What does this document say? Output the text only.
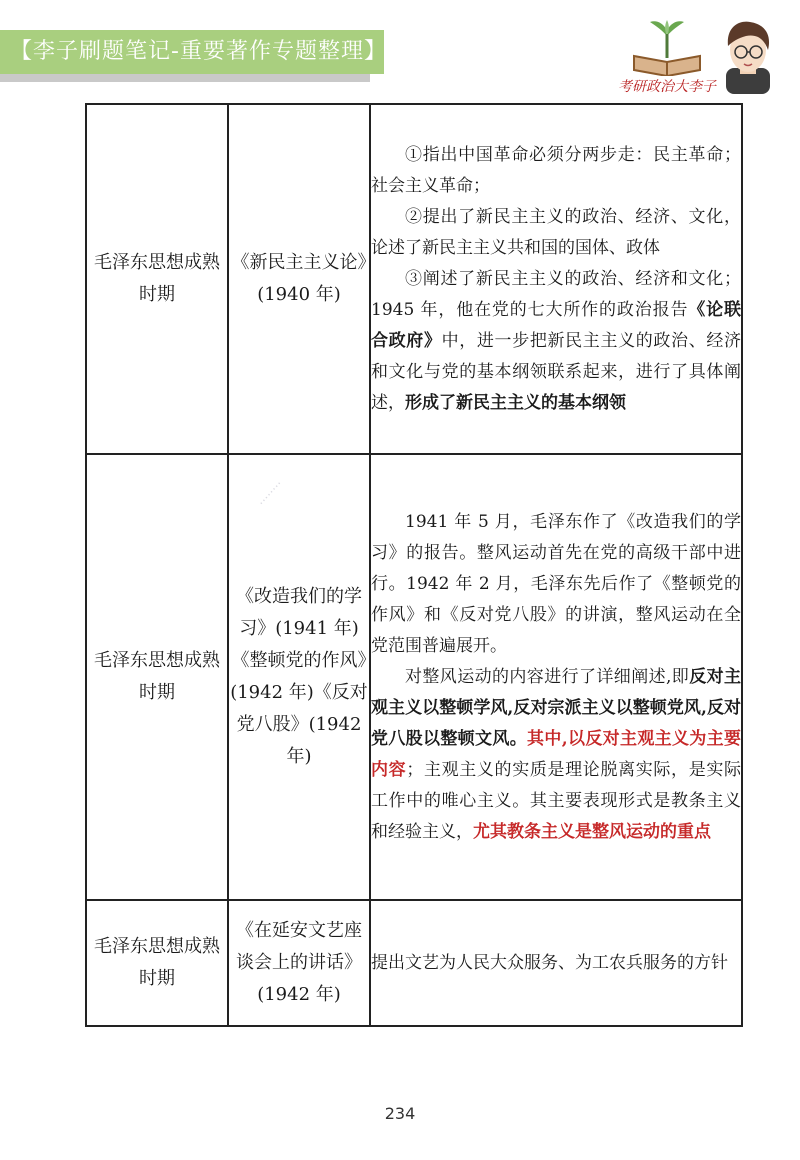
【李子刷题笔记-重要著作专题整理】
考研政治大李子
········
毛泽东思想成熟时期	《新民主主义论》(1940 年)	①指出中国革命必须分两步走：民主革命；社会主义革命；

②提出了新民主主义的政治、经济、文化，论述了新民主主义共和国的国体、政体

③阐述了新民主主义的政治、经济和文化；1945 年，他在党的七大所作的政治报告《论联合政府》中，进一步把新民主主义的政治、经济和文化与党的基本纲领联系起来，进行了具体阐述，形成了新民主主义的基本纲领

毛泽东思想成熟时期	《改造我们的学习》(1941 年)《整顿党的作风》(1942 年)《反对党八股》(1942 年)	1941 年 5 月，毛泽东作了《改造我们的学习》的报告。整风运动首先在党的高级干部中进行。1942 年 2 月，毛泽东先后作了《整顿党的作风》和《反对党八股》的讲演，整风运动在全党范围普遍展开。

对整风运动的内容进行了详细阐述,即反对主观主义以整顿学风,反对宗派主义以整顿党风,反对党八股以整顿文风。其中,以反对主观主义为主要内容；主观主义的实质是理论脱离实际，是实际工作中的唯心主义。其主要表现形式是教条主义和经验主义，尤其教条主义是整风运动的重点

毛泽东思想成熟时期	《在延安文艺座谈会上的讲话》(1942 年)	提出文艺为人民大众服务、为工农兵服务的方针

234
